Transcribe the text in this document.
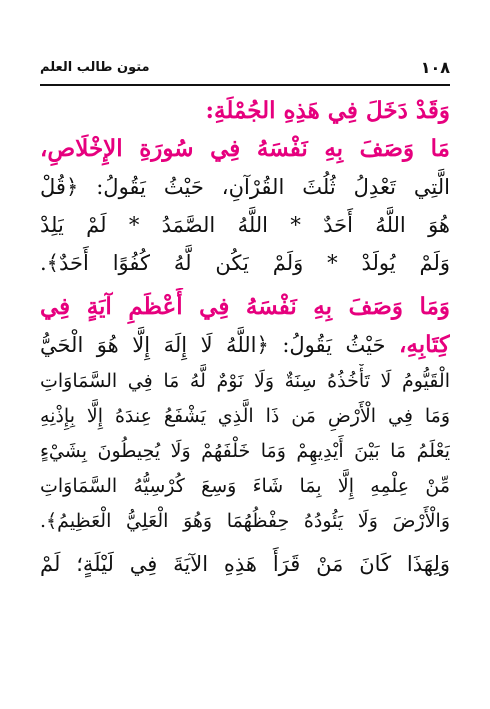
١٠٨
متون طالب العلم
وَقَدْ دَخَلَ فِي هَذِهِ الجُمْلَةِ:
مَا وَصَفَ بِهِ نَفْسَهُ فِي سُورَةِ الإِخْلَاصِ،
الَّتِي تَعْدِلُ ثُلُثَ القُرْآنِ، حَيْثُ يَقُولُ: ﴿قُلْ
هُوَ اللَّهُ أَحَدٌ * اللَّهُ الصَّمَدُ * لَمْ يَلِدْ
وَلَمْ يُولَدْ * وَلَمْ يَكُن لَّهُ كُفُوًا أَحَدٌ﴾.
وَمَا وَصَفَ بِهِ نَفْسَهُ فِي أَعْظَمِ آيَةٍ فِي
كِتَابِهِ، حَيْثُ يَقُولُ: ﴿اللَّهُ لَا إِلَهَ إِلَّا هُوَ الْحَيُّ
الْقَيُّومُ لَا تَأْخُذُهُ سِنَةٌ وَلَا نَوْمٌ لَّهُ مَا فِي السَّمَاوَاتِ
وَمَا فِي الْأَرْضِ مَن ذَا الَّذِي يَشْفَعُ عِندَهُ إِلَّا بِإِذْنِهِ
يَعْلَمُ مَا بَيْنَ أَيْدِيهِمْ وَمَا خَلْفَهُمْ وَلَا يُحِيطُونَ بِشَيْءٍ
مِّنْ عِلْمِهِ إِلَّا بِمَا شَاءَ وَسِعَ كُرْسِيُّهُ السَّمَاوَاتِ
وَالْأَرْضَ وَلَا يَئُودُهُ حِفْظُهُمَا وَهُوَ الْعَلِيُّ الْعَظِيمُ﴾.
وَلِهَذَا كَانَ مَنْ قَرَأَ هَذِهِ الآيَةَ فِي لَيْلَةٍ؛ لَمْ
